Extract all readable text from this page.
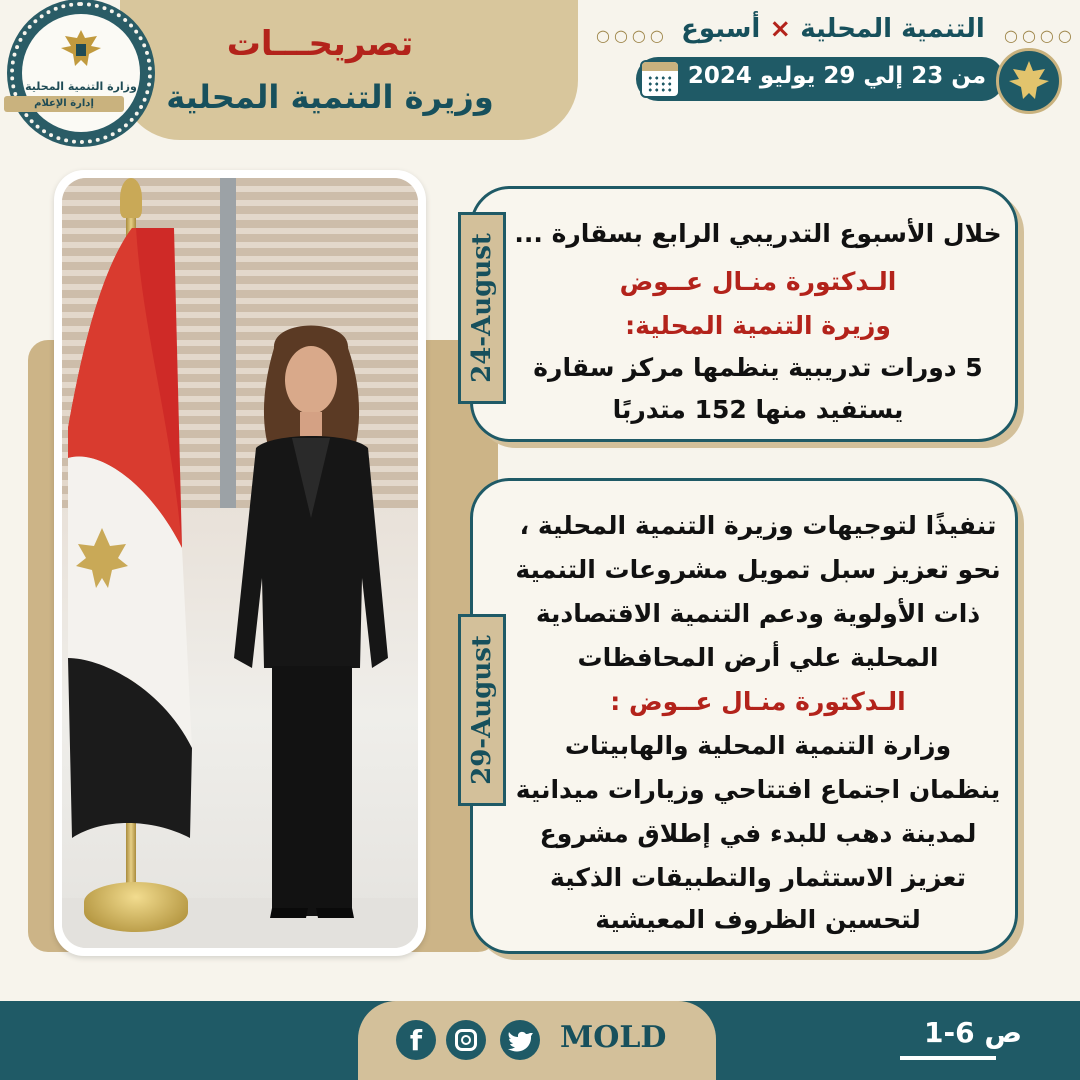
تصريحـــات
وزيرة التنمية المحلية
وزارة التنمية المحلية
إدارة الإعلام
○○○○	○○○○
التنمية المحلية × أسبوع
من 23 إلي 29 يوليو 2024
خلال الأسبوع التدريبي الرابع بسقارة ...
الـدكتورة منـال عــوض
وزيرة التنمية المحلية:
5 دورات تدريبية ينظمها مركز سقارة
يستفيد منها 152 متدربًا
24-August
تنفيذًا لتوجيهات وزيرة التنمية المحلية ،
نحو تعزيز سبل تمويل مشروعات التنمية
ذات الأولوية ودعم التنمية الاقتصادية
المحلية علي أرض المحافظات
الـدكتورة منـال عــوض :
وزارة التنمية المحلية والهابيتات
ينظمان اجتماع افتتاحي وزيارات ميدانية
لمدينة دهب للبدء في إطلاق مشروع
تعزيز الاستثمار والتطبيقات الذكية
لتحسين الظروف المعيشية
29-August
f	MOLD	ص 6-1
